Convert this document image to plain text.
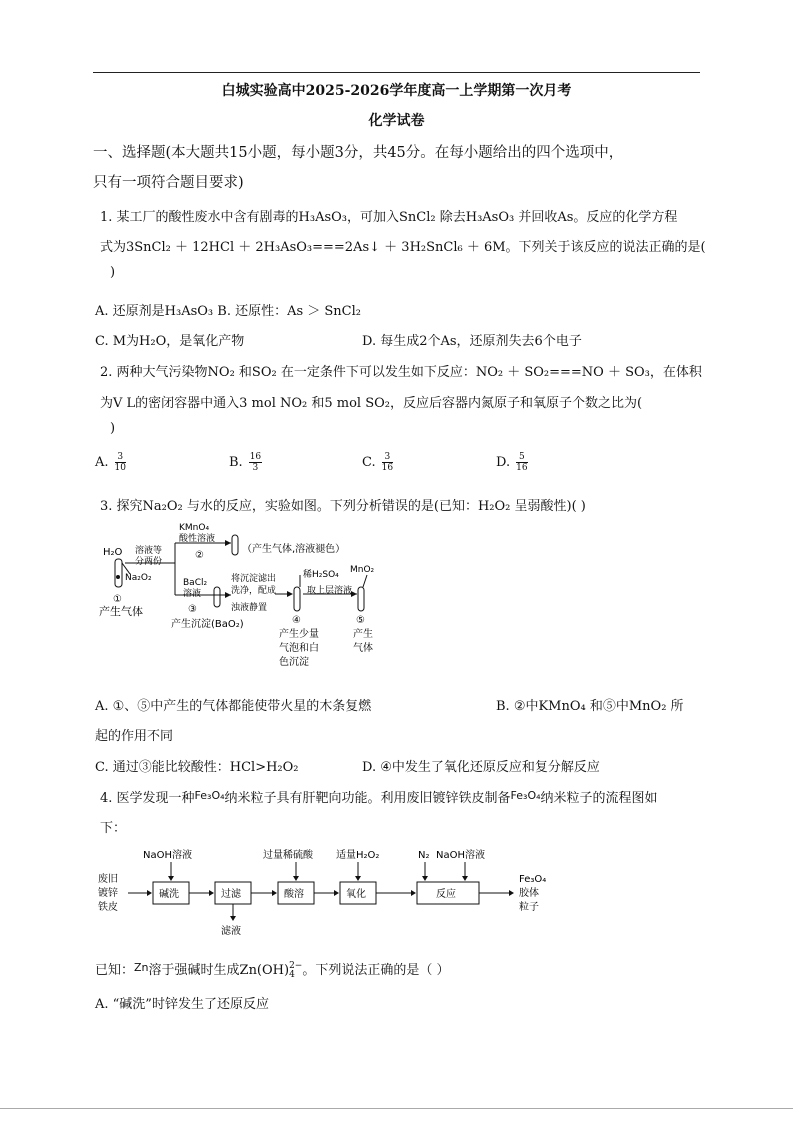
白城实验高中2025-2026学年度高一上学期第一次月考
化学试卷
一、选择题(本大题共15小题，每小题3分，共45分。在每小题给出的四个选项中，
只有一项符合题目要求)
1. 某工厂的酸性废水中含有剧毒的H₃AsO₃，可加入SnCl₂ 除去H₃AsO₃ 并回收As。反应的化学方程
式为3SnCl₂ ＋ 12HCl ＋ 2H₃AsO₃===2As↓ ＋ 3H₂SnCl₆ ＋ 6M。下列关于该反应的说法正确的是(
)
A. 还原剂是H₃AsO₃ B. 还原性：As ＞ SnCl₂
C. M为H₂O，是氧化产物	D. 每生成2个As，还原剂失去6个电子
2. 两种大气污染物NO₂ 和SO₂ 在一定条件下可以发生如下反应：NO₂ ＋ SO₂===NO ＋ SO₃，在体积
为V L的密闭容器中通入3 mol NO₂ 和5 mol SO₂，反应后容器内氮原子和氧原子个数之比为(
)
A. $\frac{3}{10}$	B. $\frac{16}{3}$	C. $\frac{3}{16}$	D. $\frac{5}{16}$
3. 探究Na₂O₂ 与水的反应，实验如图。下列分析错误的是(已知：H₂O₂ 呈弱酸性)( )
H₂O 溶液等
分两份
Na₂O₂
①
产生气体
KMnO₄
酸性溶液
②
（产生气体,溶液褪色）
BaCl₂
溶液
③
产生沉淀(BaO₂)
将沉淀滤出
洗净，配成
浊液静置
稀H₂SO₄ MnO₂
取上层溶液
④	⑤
产生少量
气泡和白
色沉淀
产生
气体
A. ①、⑤中产生的气体都能使带火星的木条复燃	B. ②中KMnO₄ 和⑤中MnO₂ 所
起的作用不同
C. 通过③能比较酸性：HCl>H₂O₂	D. ④中发生了氧化还原反应和复分解反应
4. 医学发现一种$^{Fe_3O_4}$纳米粒子具有肝靶向功能。利用废旧镀锌铁皮制备$^{Fe_3O_4}$纳米粒子的流程图如
下：
废旧
镀锌
铁皮
NaOH溶液
碱洗	过滤
滤液
过量稀硫酸
酸溶
适量H₂O₂
氧化
N₂ NaOH溶液
反应
Fe₃O₄
胶体
粒子
已知：$^{Zn}$溶于强碱时生成Zn(OH) 2−
4 。下列说法正确的是（ ）
A. “碱洗”时锌发生了还原反应
